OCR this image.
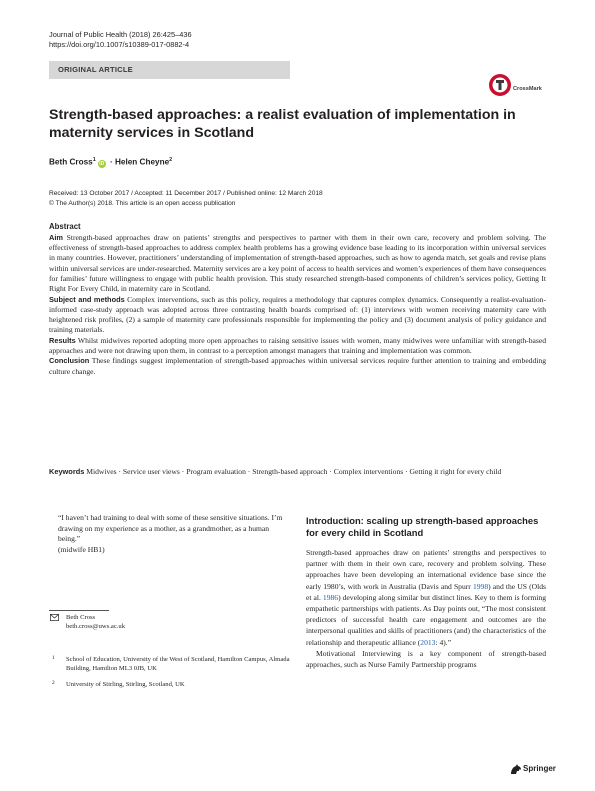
Journal of Public Health (2018) 26:425–436
https://doi.org/10.1007/s10389-017-0882-4
ORIGINAL ARTICLE
CrossMark
Strength-based approaches: a realist evaluation of implementation in maternity services in Scotland
Beth Cross$^1$iD · Helen Cheyne$^2$
Received: 13 October 2017 / Accepted: 11 December 2017 / Published online: 12 March 2018
© The Author(s) 2018. This article is an open access publication
Abstract

Aim Strength-based approaches draw on patients’ strengths and perspectives to partner with them in their own care, recovery and problem solving. The effectiveness of strength-based approaches to address complex health problems has a growing evidence base leading to its incorporation within universal services in many countries. However, practitioners’ understanding of implementation of strength-based approaches, such as how to agenda match, set goals and revise plans within universal services are under-researched. Maternity services are a key point of access to health services and women’s experiences of them have consequences for families’ future willingness to engage with public health provision. This study researched strength-based components of children’s services policy, Getting It Right For Every Child, in maternity care in Scotland.

Subject and methods Complex interventions, such as this policy, requires a methodology that captures complex dynamics. Consequently a realist-evaluation-informed case-study approach was adopted across three contrasting health boards comprised of: (1) interviews with women receiving maternity care with heightened risk profiles, (2) a sample of maternity care professionals responsible for implementing the policy and (3) document analysis of policy guidance and training materials.

Results Whilst midwives reported adopting more open approaches to raising sensitive issues with women, many midwives were unfamiliar with strength-based approaches and were not drawing upon them, in contrast to a perception amongst managers that training and implementation was common.

Conclusion These findings suggest implementation of strength-based approaches within universal services require further attention to training and embedding culture change.

Keywords Midwives · Service user views · Program evaluation · Strength-based approach · Complex interventions · Getting it right for every child
“I haven’t had training to deal with some of these sensitive situations. I’m drawing on my experience as a mother, as a grandmother, as a human being.”
(midwife HB1)
Beth Cross
beth.cross@uws.ac.uk
1 School of Education, University of the West of Scotland, Hamilton Campus, Almada Building, Hamilton ML3 0JB, UK
2 University of Stirling, Stirling, Scotland, UK
Introduction: scaling up strength-based approaches for every child in Scotland

Strength-based approaches draw on patients’ strengths and perspectives to partner with them in their own care, recovery and problem solving. These approaches have been developing an international evidence base since the early 1980’s, with work in Australia (Davis and Spurr 1998) and the US (Olds et al. 1986) developing along similar but distinct lines. Key to them is forming empathetic partnerships with patients. As Day points out, “The most consistent predictors of successful health care engagement and outcomes are the interpersonal qualities and skills of practitioners (and) the characteristics of the relationship and therapeutic alliance (2013: 4).”

Motivational Interviewing is a key component of strength-based approaches, such as Nurse Family Partnership programs

Springer
